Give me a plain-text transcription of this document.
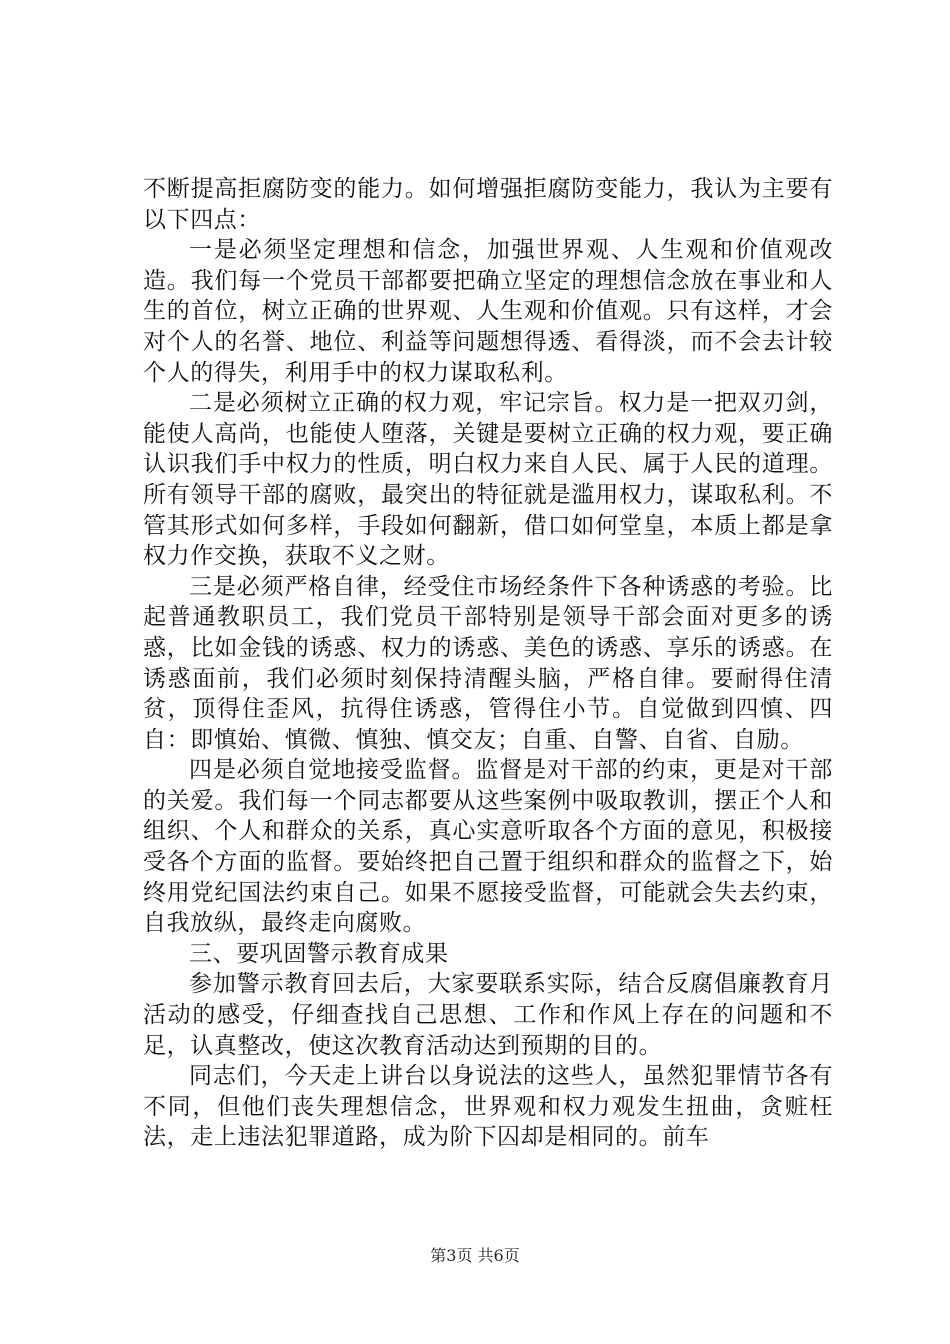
不断提高拒腐防变的能力。如何增强拒腐防变能力，我认为主要有以下四点：

一是必须坚定理想和信念，加强世界观、人生观和价值观改造。我们每一个党员干部都要把确立坚定的理想信念放在事业和人生的首位，树立正确的世界观、人生观和价值观。只有这样，才会对个人的名誉、地位、利益等问题想得透、看得淡，而不会去计较个人的得失，利用手中的权力谋取私利。

二是必须树立正确的权力观，牢记宗旨。权力是一把双刃剑，能使人高尚，也能使人堕落，关键是要树立正确的权力观，要正确认识我们手中权力的性质，明白权力来自人民、属于人民的道理。所有领导干部的腐败，最突出的特征就是滥用权力，谋取私利。不管其形式如何多样，手段如何翻新，借口如何堂皇，本质上都是拿权力作交换，获取不义之财。

三是必须严格自律，经受住市场经条件下各种诱惑的考验。比起普通教职员工，我们党员干部特别是领导干部会面对更多的诱惑，比如金钱的诱惑、权力的诱惑、美色的诱惑、享乐的诱惑。在诱惑面前，我们必须时刻保持清醒头脑，严格自律。要耐得住清贫，顶得住歪风，抗得住诱惑，管得住小节。自觉做到四慎、四自：即慎始、慎微、慎独、慎交友；自重、自警、自省、自励。

四是必须自觉地接受监督。监督是对干部的约束，更是对干部的关爱。我们每一个同志都要从这些案例中吸取教训，摆正个人和组织、个人和群众的关系，真心实意听取各个方面的意见，积极接受各个方面的监督。要始终把自己置于组织和群众的监督之下，始终用党纪国法约束自己。如果不愿接受监督，可能就会失去约束，自我放纵，最终走向腐败。

三、要巩固警示教育成果

参加警示教育回去后，大家要联系实际，结合反腐倡廉教育月活动的感受，仔细查找自己思想、工作和作风上存在的问题和不足，认真整改，使这次教育活动达到预期的目的。

同志们，今天走上讲台以身说法的这些人，虽然犯罪情节各有不同，但他们丧失理想信念，世界观和权力观发生扭曲，贪赃枉法，走上违法犯罪道路，成为阶下囚却是相同的。前车

第3页 共6页
